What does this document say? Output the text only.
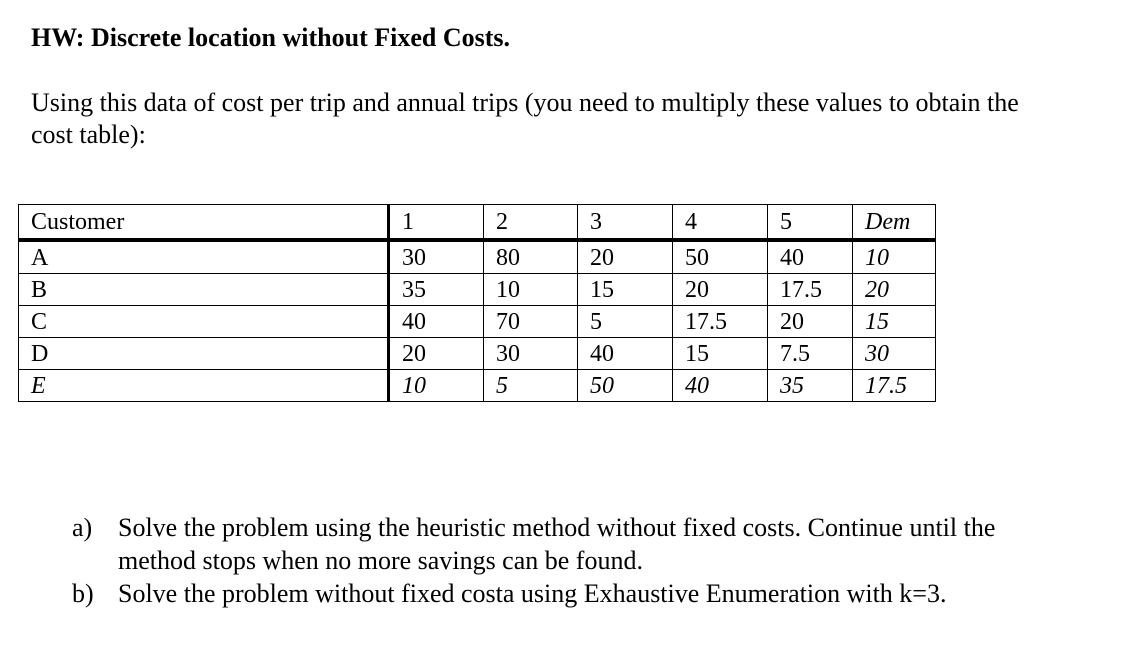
HW: Discrete location without Fixed Costs.
Using this data of cost per trip and annual trips (you need to multiply these values to obtain the cost table):
Customer	1	2	3	4	5	Dem
A	30	80	20	50	40	10
B	35	10	15	20	17.5	20
C	40	70	5	17.5	20	15
D	20	30	40	15	7.5	30
E	10	5	50	40	35	17.5
a) Solve the problem using the heuristic method without fixed costs. Continue until the method stops when no more savings can be found.
b) Solve the problem without fixed costa using Exhaustive Enumeration with k=3.
